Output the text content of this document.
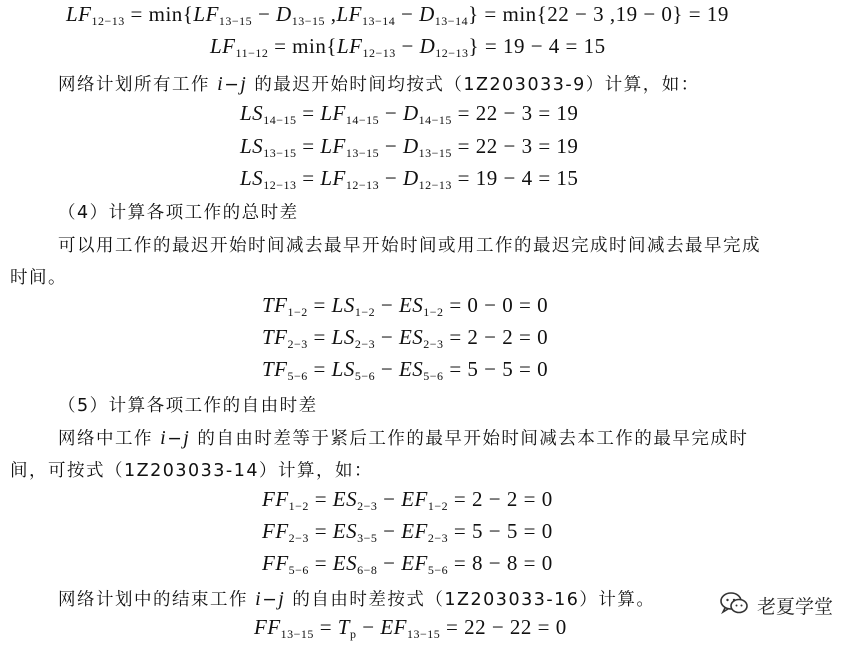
$LF_{12-13} = \min\{LF_{13-15} - D_{13-15}$ $,LF_{13-14} - D_{13-14}\} = \min\{22 - 3$ ,19 − 0} = 19
$LF_{11-12} = \min\{LF_{12-13} - D_{12-13}\} = 19 - 4 = 15$
网络计划所有工作 i−j 的最迟开始时间均按式（1Z203033-9）计算，如：
$LS_{14-15} = LF_{14-15} - D_{14-15} = 22 - 3 = 19$
$LS_{13-15} = LF_{13-15} - D_{13-15} = 22 - 3 = 19$
$LS_{12-13} = LF_{12-13} - D_{12-13} = 19 - 4 = 15$
（4）计算各项工作的总时差
可以用工作的最迟开始时间减去最早开始时间或用工作的最迟完成时间减去最早完成
时间。
$TF_{1-2} = LS_{1-2} - ES_{1-2} = 0 - 0 = 0$
$TF_{2-3} = LS_{2-3} - ES_{2-3} = 2 - 2 = 0$
$TF_{5-6} = LS_{5-6} - ES_{5-6} = 5 - 5 = 0$
（5）计算各项工作的自由时差
网络中工作 i−j 的自由时差等于紧后工作的最早开始时间减去本工作的最早完成时
间，可按式（1Z203033-14）计算，如：
$FF_{1-2} = ES_{2-3} - EF_{1-2} = 2 - 2 = 0$
$FF_{2-3} = ES_{3-5} - EF_{2-3} = 5 - 5 = 0$
$FF_{5-6} = ES_{6-8} - EF_{5-6} = 8 - 8 = 0$
网络计划中的结束工作 i−j 的自由时差按式（1Z203033-16）计算。
$FF_{13-15} = T_p - EF_{13-15} = 22 - 22 = 0$
老夏学堂
